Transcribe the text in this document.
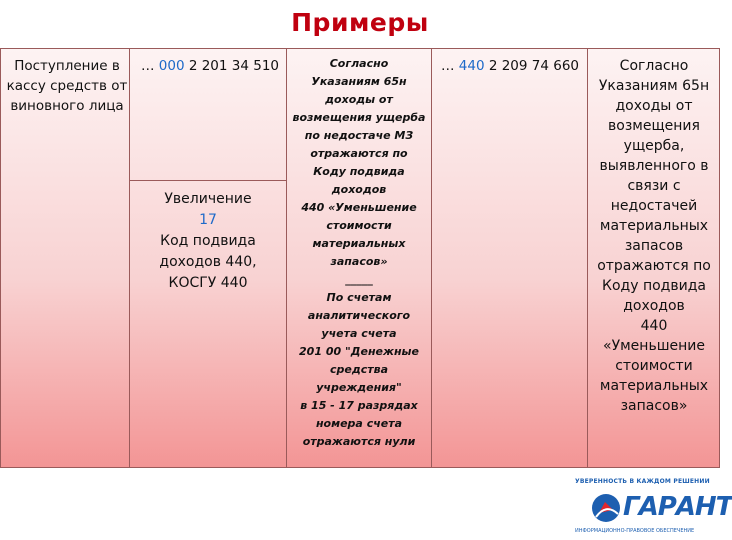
Примеры
Поступление в
кассу средств от
виновного лица
… 000 2 201 34 510
Увеличение
17
Код подвида
доходов 440,
КОСГУ 440
Согласно
Указаниям 65н
доходы от
возмещения ущерба
по недостаче МЗ
отражаются по
Коду подвида
доходов
440 «Уменьшение
стоимости
материальных
запасов»
_____
По счетам
аналитического
учета счета
201 00 "Денежные
средства
учреждения"
в 15 - 17 разрядах
номера счета
отражаются нули
… 440 2 209 74 660	Согласно
Указаниям 65н
доходы от
возмещения
ущерба,
выявленного в
связи с
недостачей
материальных
запасов
отражаются по
Коду подвида
доходов
440
«Уменьшение
стоимости
материальных
запасов»
УВЕРЕННОСТЬ В КАЖДОМ РЕШЕНИИ
ГАРАНТ
ИНФОРМАЦИОННО-ПРАВОВОЕ ОБЕСПЕЧЕНИЕ
